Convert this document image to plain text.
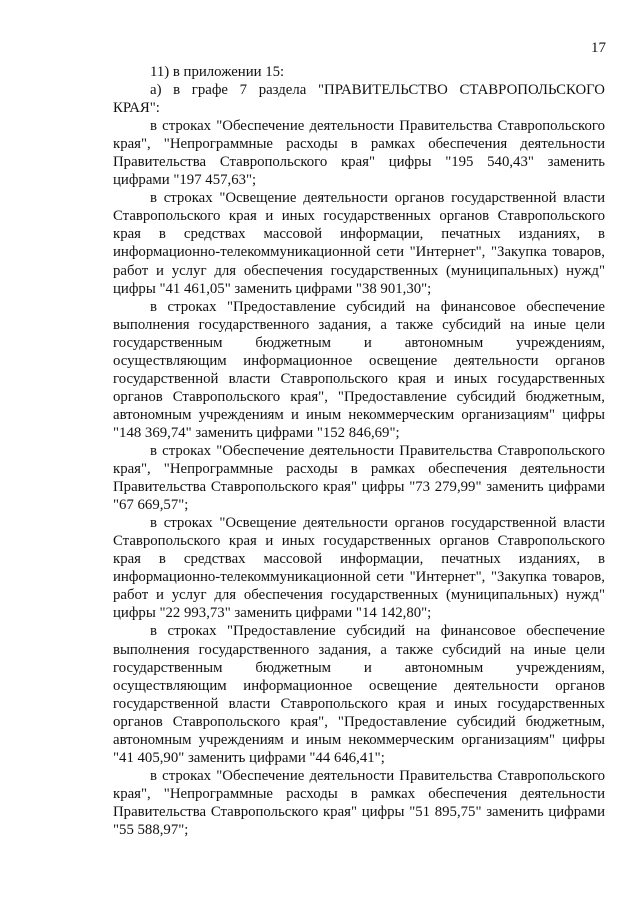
17

11) в приложении 15:

а) в графе 7 раздела "ПРАВИТЕЛЬСТВО СТАВРОПОЛЬСКОГО КРАЯ":

в строках "Обеспечение деятельности Правительства Ставропольского края", "Непрограммные расходы в рамках обеспечения деятельности Правительства Ставропольского края" цифры "195 540,43" заменить цифрами "197 457,63";

в строках "Освещение деятельности органов государственной власти Ставропольского края и иных государственных органов Ставропольского края в средствах массовой информации, печатных изданиях, в информационно-телекоммуникационной сети "Интернет", "Закупка товаров, работ и услуг для обеспечения государственных (муниципальных) нужд" цифры "41 461,05" заменить цифрами "38 901,30";

в строках "Предоставление субсидий на финансовое обеспечение выполнения государственного задания, а также субсидий на иные цели государственным бюджетным и автономным учреждениям, осуществляющим информационное освещение деятельности органов государственной власти Ставропольского края и иных государственных органов Ставропольского края", "Предоставление субсидий бюджетным, автономным учреждениям и иным некоммерческим организациям" цифры "148 369,74" заменить цифрами "152 846,69";

в строках "Обеспечение деятельности Правительства Ставропольского края", "Непрограммные расходы в рамках обеспечения деятельности Правительства Ставропольского края" цифры "73 279,99" заменить цифрами "67 669,57";

в строках "Освещение деятельности органов государственной власти Ставропольского края и иных государственных органов Ставропольского края в средствах массовой информации, печатных изданиях, в информационно-телекоммуникационной сети "Интернет", "Закупка товаров, работ и услуг для обеспечения государственных (муниципальных) нужд" цифры "22 993,73" заменить цифрами "14 142,80";

в строках "Предоставление субсидий на финансовое обеспечение выполнения государственного задания, а также субсидий на иные цели государственным бюджетным и автономным учреждениям, осуществляющим информационное освещение деятельности органов государственной власти Ставропольского края и иных государственных органов Ставропольского края", "Предоставление субсидий бюджетным, автономным учреждениям и иным некоммерческим организациям" цифры "41 405,90" заменить цифрами "44 646,41";

в строках "Обеспечение деятельности Правительства Ставропольского края", "Непрограммные расходы в рамках обеспечения деятельности Правительства Ставропольского края" цифры "51 895,75" заменить цифрами "55 588,97";
